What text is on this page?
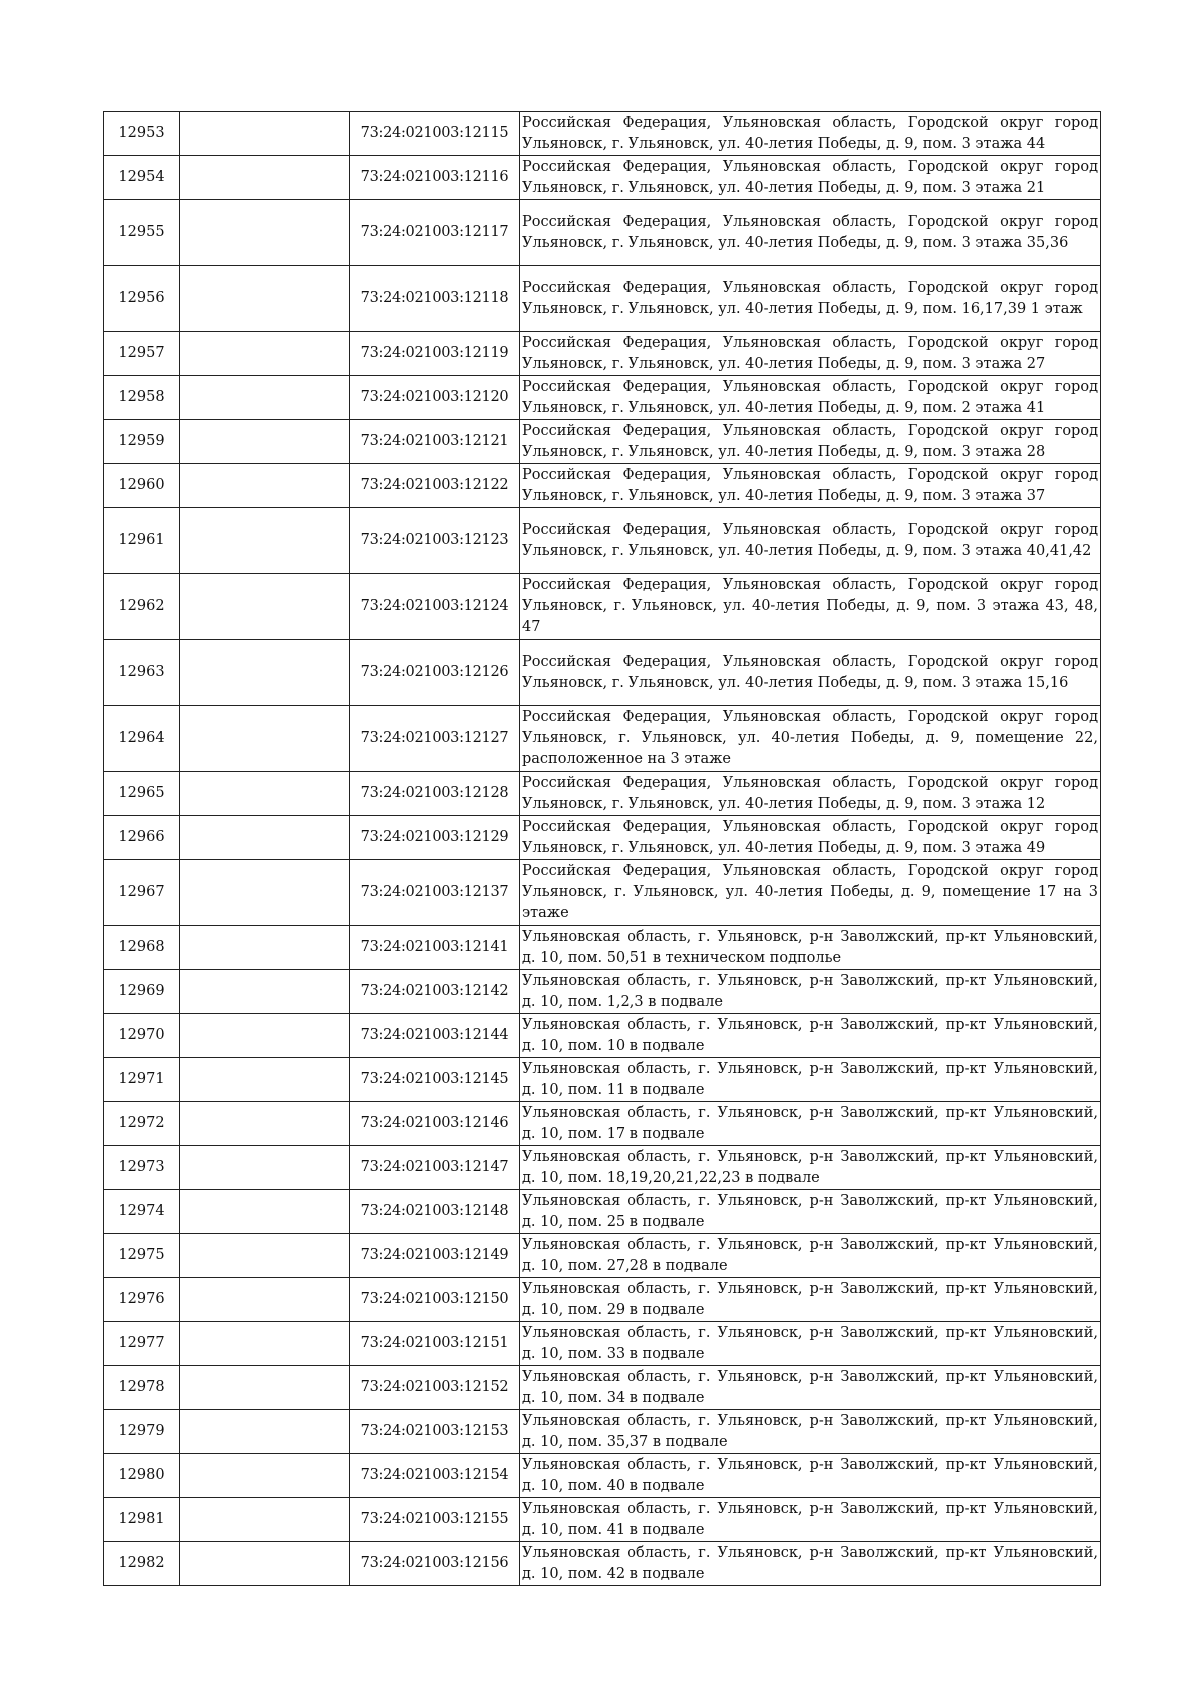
12953		73:24:021003:12115	Российская Федерация, Ульяновская область, Городской округ город Ульяновск, г. Ульяновск, ул. 40-летия Победы, д. 9, пом. 3 этажа 44
12954		73:24:021003:12116	Российская Федерация, Ульяновская область, Городской округ город Ульяновск, г. Ульяновск, ул. 40-летия Победы, д. 9, пом. 3 этажа 21
12955		73:24:021003:12117	Российская Федерация, Ульяновская область, Городской округ город Ульяновск, г. Ульяновск, ул. 40-летия Победы, д. 9, пом. 3 этажа 35,36
12956		73:24:021003:12118	Российская Федерация, Ульяновская область, Городской округ город Ульяновск, г. Ульяновск, ул. 40-летия Победы, д. 9, пом. 16,17,39 1 этаж
12957		73:24:021003:12119	Российская Федерация, Ульяновская область, Городской округ город Ульяновск, г. Ульяновск, ул. 40-летия Победы, д. 9, пом. 3 этажа 27
12958		73:24:021003:12120	Российская Федерация, Ульяновская область, Городской округ город Ульяновск, г. Ульяновск, ул. 40-летия Победы, д. 9, пом. 2 этажа 41
12959		73:24:021003:12121	Российская Федерация, Ульяновская область, Городской округ город Ульяновск, г. Ульяновск, ул. 40-летия Победы, д. 9, пом. 3 этажа 28
12960		73:24:021003:12122	Российская Федерация, Ульяновская область, Городской округ город Ульяновск, г. Ульяновск, ул. 40-летия Победы, д. 9, пом. 3 этажа 37
12961		73:24:021003:12123	Российская Федерация, Ульяновская область, Городской округ город Ульяновск, г. Ульяновск, ул. 40-летия Победы, д. 9, пом. 3 этажа 40,41,42
12962		73:24:021003:12124	Российская Федерация, Ульяновская область, Городской округ город Ульяновск, г. Ульяновск, ул. 40-летия Победы, д. 9, пом. 3 этажа 43, 48, 47
12963		73:24:021003:12126	Российская Федерация, Ульяновская область, Городской округ город Ульяновск, г. Ульяновск, ул. 40-летия Победы, д. 9, пом. 3 этажа 15,16
12964		73:24:021003:12127	Российская Федерация, Ульяновская область, Городской округ город Ульяновск, г. Ульяновск, ул. 40-летия Победы, д. 9, помещение 22, расположенное на 3 этаже
12965		73:24:021003:12128	Российская Федерация, Ульяновская область, Городской округ город Ульяновск, г. Ульяновск, ул. 40-летия Победы, д. 9, пом. 3 этажа 12
12966		73:24:021003:12129	Российская Федерация, Ульяновская область, Городской округ город Ульяновск, г. Ульяновск, ул. 40-летия Победы, д. 9, пом. 3 этажа 49
12967		73:24:021003:12137	Российская Федерация, Ульяновская область, Городской округ город Ульяновск, г. Ульяновск, ул. 40-летия Победы, д. 9, помещение 17 на 3 этаже
12968		73:24:021003:12141	Ульяновская область, г. Ульяновск, р-н Заволжский, пр-кт Ульяновский, д. 10, пом. 50,51 в техническом подполье
12969		73:24:021003:12142	Ульяновская область, г. Ульяновск, р-н Заволжский, пр-кт Ульяновский, д. 10, пом. 1,2,3 в подвале
12970		73:24:021003:12144	Ульяновская область, г. Ульяновск, р-н Заволжский, пр-кт Ульяновский, д. 10, пом. 10 в подвале
12971		73:24:021003:12145	Ульяновская область, г. Ульяновск, р-н Заволжский, пр-кт Ульяновский, д. 10, пом. 11 в подвале
12972		73:24:021003:12146	Ульяновская область, г. Ульяновск, р-н Заволжский, пр-кт Ульяновский, д. 10, пом. 17 в подвале
12973		73:24:021003:12147	Ульяновская область, г. Ульяновск, р-н Заволжский, пр-кт Ульяновский, д. 10, пом. 18,19,20,21,22,23 в подвале
12974		73:24:021003:12148	Ульяновская область, г. Ульяновск, р-н Заволжский, пр-кт Ульяновский, д. 10, пом. 25 в подвале
12975		73:24:021003:12149	Ульяновская область, г. Ульяновск, р-н Заволжский, пр-кт Ульяновский, д. 10, пом. 27,28 в подвале
12976		73:24:021003:12150	Ульяновская область, г. Ульяновск, р-н Заволжский, пр-кт Ульяновский, д. 10, пом. 29 в подвале
12977		73:24:021003:12151	Ульяновская область, г. Ульяновск, р-н Заволжский, пр-кт Ульяновский, д. 10, пом. 33 в подвале
12978		73:24:021003:12152	Ульяновская область, г. Ульяновск, р-н Заволжский, пр-кт Ульяновский, д. 10, пом. 34 в подвале
12979		73:24:021003:12153	Ульяновская область, г. Ульяновск, р-н Заволжский, пр-кт Ульяновский, д. 10, пом. 35,37 в подвале
12980		73:24:021003:12154	Ульяновская область, г. Ульяновск, р-н Заволжский, пр-кт Ульяновский, д. 10, пом. 40 в подвале
12981		73:24:021003:12155	Ульяновская область, г. Ульяновск, р-н Заволжский, пр-кт Ульяновский, д. 10, пом. 41 в подвале
12982		73:24:021003:12156	Ульяновская область, г. Ульяновск, р-н Заволжский, пр-кт Ульяновский, д. 10, пом. 42 в подвале
